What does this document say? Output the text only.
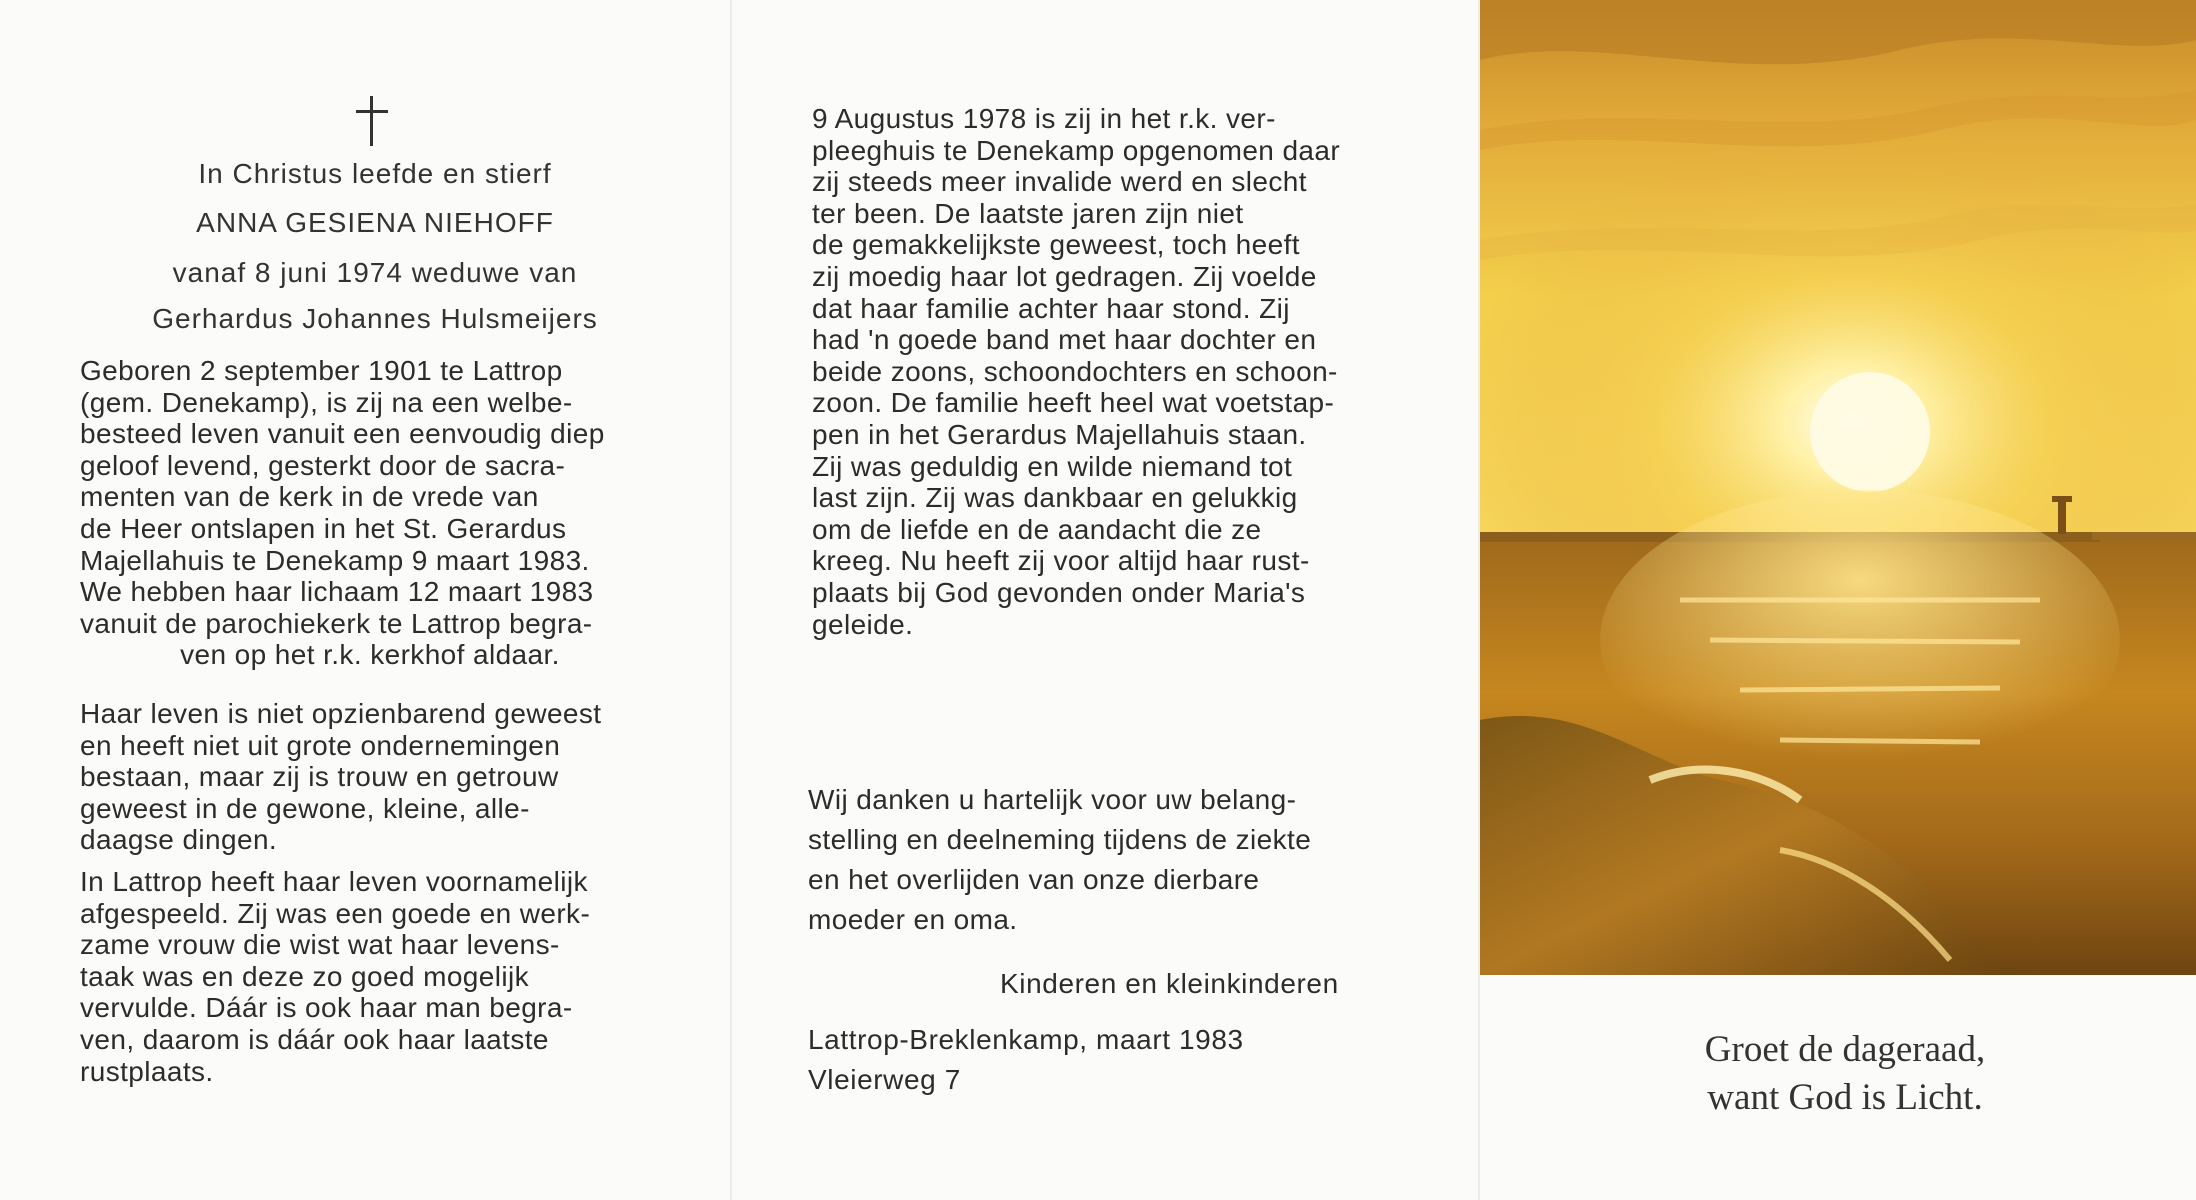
In Christus leefde en stierf
ANNA GESIENA NIEHOFF
vanaf 8 juni 1974 weduwe van
Gerhardus Johannes Hulsmeijers
Geboren 2 september 1901 te Lattrop
(gem. Denekamp), is zij na een welbe-
besteed leven vanuit een eenvoudig diep
geloof levend, gesterkt door de sacra-
menten van de kerk in de vrede van
de Heer ontslapen in het St. Gerardus
Majellahuis te Denekamp 9 maart 1983.
We hebben haar lichaam 12 maart 1983
vanuit de parochiekerk te Lattrop begra-
ven op het r.k. kerkhof aldaar.
Haar leven is niet opzienbarend geweest
en heeft niet uit grote ondernemingen
bestaan, maar zij is trouw en getrouw
geweest in de gewone, kleine, alle-
daagse dingen.
In Lattrop heeft haar leven voornamelijk
afgespeeld. Zij was een goede en werk-
zame vrouw die wist wat haar levens-
taak was en deze zo goed mogelijk
vervulde. Dáár is ook haar man begra-
ven, daarom is dáár ook haar laatste
rustplaats.
9 Augustus 1978 is zij in het r.k. ver-
pleeghuis te Denekamp opgenomen daar
zij steeds meer invalide werd en slecht
ter been. De laatste jaren zijn niet
de gemakkelijkste geweest, toch heeft
zij moedig haar lot gedragen. Zij voelde
dat haar familie achter haar stond. Zij
had 'n goede band met haar dochter en
beide zoons, schoondochters en schoon-
zoon. De familie heeft heel wat voetstap-
pen in het Gerardus Majellahuis staan.
Zij was geduldig en wilde niemand tot
last zijn. Zij was dankbaar en gelukkig
om de liefde en de aandacht die ze
kreeg. Nu heeft zij voor altijd haar rust-
plaats bij God gevonden onder Maria's
geleide.
Wij danken u hartelijk voor uw belang-
stelling en deelneming tijdens de ziekte
en het overlijden van onze dierbare
moeder en oma.
Kinderen en kleinkinderen
Lattrop-Breklenkamp, maart 1983
Vleierweg 7
Groet de dageraad,
want God is Licht.
